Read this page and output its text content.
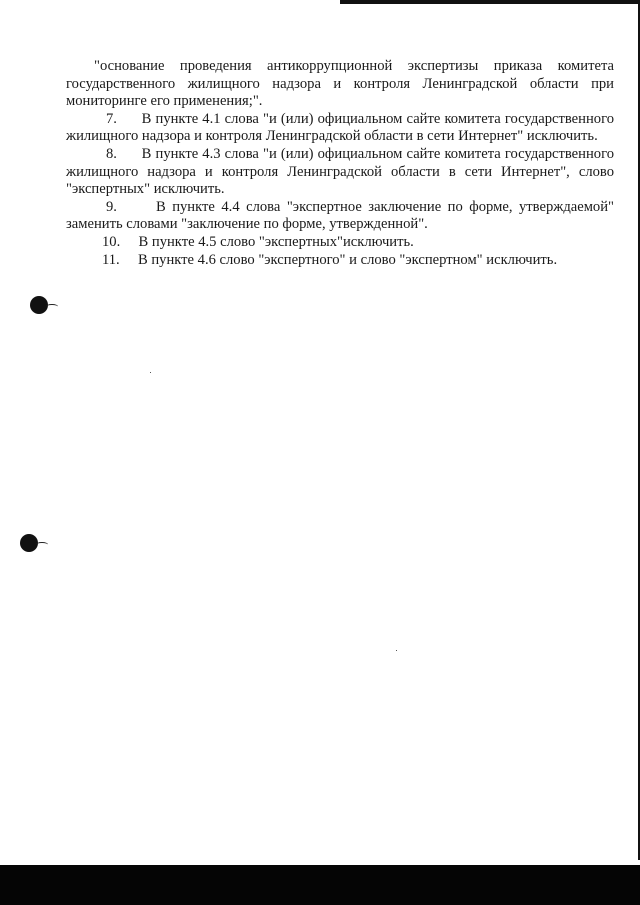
"основание проведения антикоррупционной экспертизы приказа комитета государственного жилищного надзора и контроля Ленинградской области при мониторинге его применения;".

7. В пункте 4.1 слова "и (или) официальном сайте комитета государственного жилищного надзора и контроля Ленинградской области в сети Интернет" исключить.

8. В пункте 4.3 слова "и (или) официальном сайте комитета государственного жилищного надзора и контроля Ленинградской области в сети Интернет", слово "экспертных" исключить.

9.	В пункте 4.4 слова "экспертное заключение по форме, утверждаемой" заменить словами "заключение по форме, утвержденной".

10. В пункте 4.5 слово "экспертных"исключить.

11. В пункте 4.6 слово "экспертного" и слово "экспертном" исключить.
